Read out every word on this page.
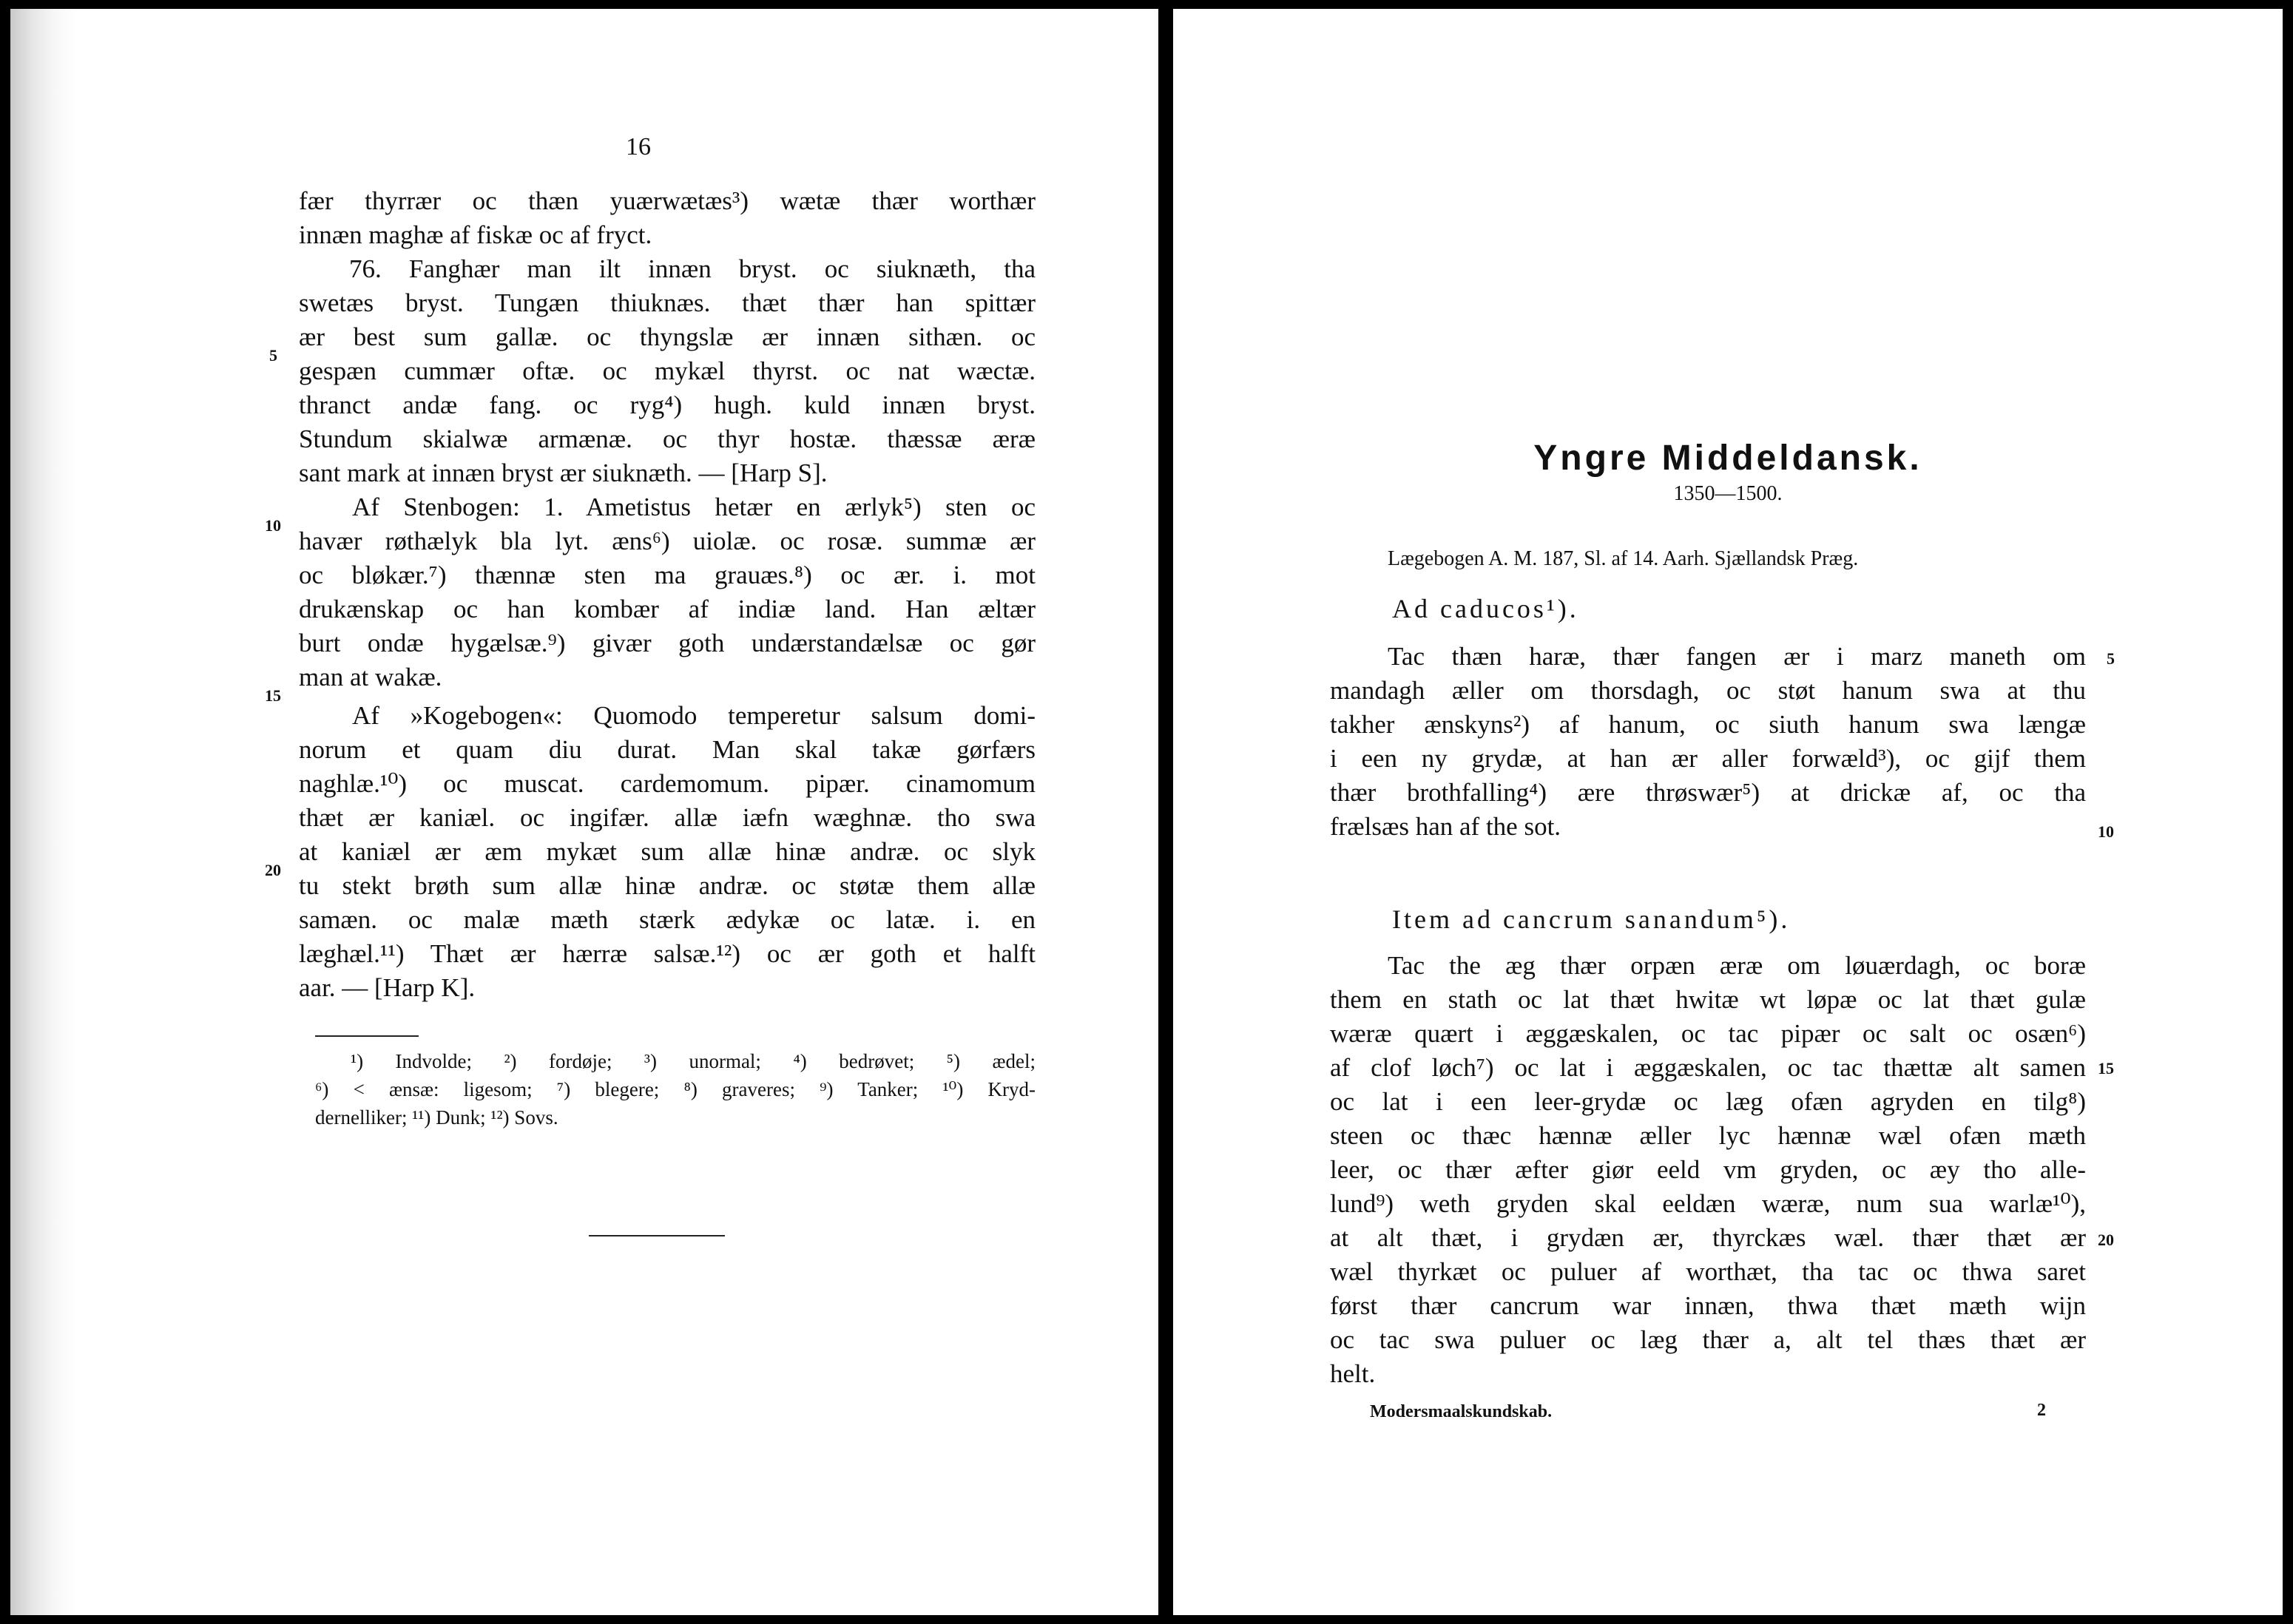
16
fær thyrrær oc thæn yuærwætæs³) wætæ thær worthær
innæn maghæ af fiskæ oc af fryct.
76. Fanghær man ilt innæn bryst. oc siuknæth, tha
swetæs bryst. Tungæn thiuknæs. thæt thær han spittær
ær best sum gallæ. oc thyngslæ ær innæn sithæn. oc
gespæn cummær oftæ. oc mykæl thyrst. oc nat wæctæ.
thranct andæ fang. oc ryg⁴) hugh. kuld innæn bryst.
Stundum skialwæ armænæ. oc thyr hostæ. thæssæ æræ
sant mark at innæn bryst ær siuknæth. — [Harp S].
Af Stenbogen: 1. Ametistus hetær en ærlyk⁵) sten oc
havær røthælyk bla lyt. æns⁶) uiolæ. oc rosæ. summæ ær
oc bløkær.⁷) thænnæ sten ma grauæs.⁸) oc ær. i. mot
drukænskap oc han kombær af indiæ land. Han æltær
burt ondæ hygælsæ.⁹) givær goth undærstandælsæ oc gør
man at wakæ.
Af »Kogebogen«: Quomodo temperetur salsum domi-
norum et quam diu durat. Man skal takæ gørfærs
naghlæ.¹⁰) oc muscat. cardemomum. pipær. cinamomum
thæt ær kaniæl. oc ingifær. allæ iæfn wæghnæ. tho swa
at kaniæl ær æm mykæt sum allæ hinæ andræ. oc slyk
tu stekt brøth sum allæ hinæ andræ. oc støtæ them allæ
samæn. oc malæ mæth stærk ædykæ oc latæ. i. en
læghæl.¹¹) Thæt ær hærræ salsæ.¹²) oc ær goth et halft
aar. — [Harp K].
5
10
15
20
¹) Indvolde; ²) fordøje; ³) unormal; ⁴) bedrøvet; ⁵) ædel;
⁶) < ænsæ: ligesom; ⁷) blegere; ⁸) graveres; ⁹) Tanker; ¹⁰) Kryd-
dernelliker; ¹¹) Dunk; ¹²) Sovs.
Yngre Middeldansk.
1350—1500.
Lægebogen A. M. 187, Sl. af 14. Aarh. Sjællandsk Præg.
Ad caducos¹).
Tac thæn haræ, thær fangen ær i marz maneth om
mandagh æller om thorsdagh, oc støt hanum swa at thu
takher ænskyns²) af hanum, oc siuth hanum swa længæ
i een ny grydæ, at han ær aller forwæld³), oc gijf them
thær brothfalling⁴) ære thrøswær⁵) at drickæ af, oc tha
frælsæs han af the sot.
Item ad cancrum sanandum⁵).
Tac the æg thær orpæn æræ om løuærdagh, oc boræ
them en stath oc lat thæt hwitæ wt løpæ oc lat thæt gulæ
wæræ quært i æggæskalen, oc tac pipær oc salt oc osæn⁶)
af clof løch⁷) oc lat i æggæskalen, oc tac thættæ alt samen
oc lat i een leer-grydæ oc læg ofæn agryden en tilg⁸)
steen oc thæc hænnæ æller lyc hænnæ wæl ofæn mæth
leer, oc thær æfter giør eeld vm gryden, oc æy tho alle-
lund⁹) weth gryden skal eeldæn wæræ, num sua warlæ¹⁰),
at alt thæt, i grydæn ær, thyrckæs wæl. thær thæt ær
wæl thyrkæt oc puluer af worthæt, tha tac oc thwa saret
først thær cancrum war innæn, thwa thæt mæth wijn
oc tac swa puluer oc læg thær a, alt tel thæs thæt ær
helt.
5
10
15
20
Modersmaalskundskab.	2
